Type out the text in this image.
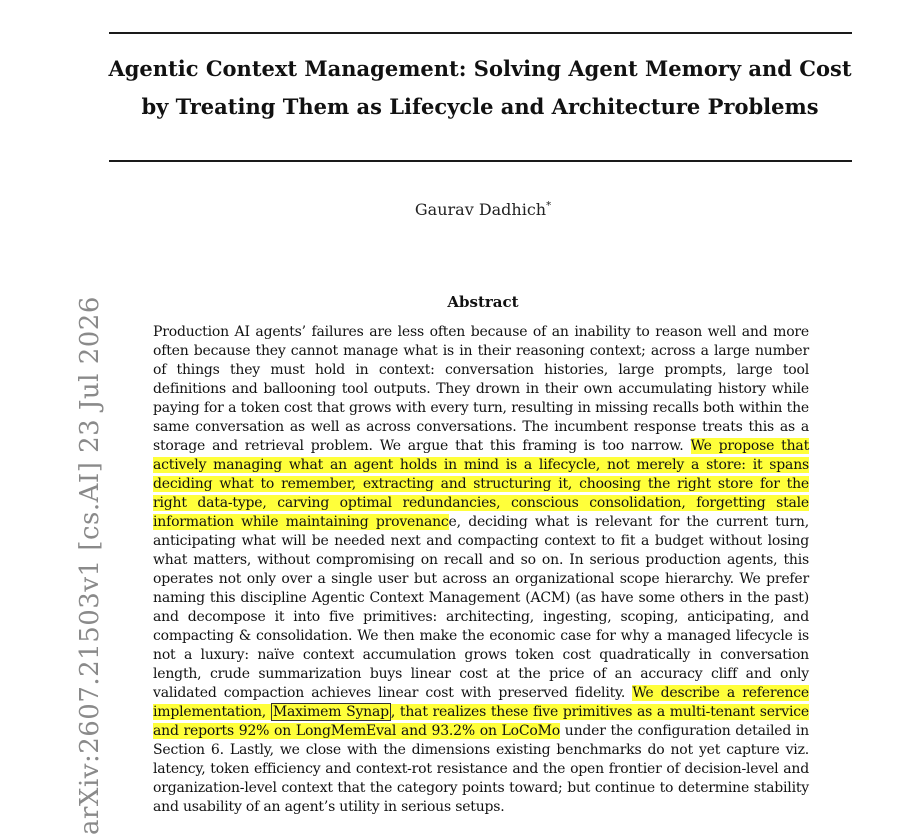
Agentic Context Management: Solving Agent Memory and Cost
by Treating Them as Lifecycle and Architecture Problems
Gaurav Dadhich*
Abstract
Production AI agents’ failures are less often because of an inability to reason well and more often because they cannot manage what is in their reasoning context; across a large number of things they must hold in context: conversation histories, large prompts, large tool definitions and ballooning tool outputs. They drown in their own accumulating history while paying for a token cost that grows with every turn, resulting in missing recalls both within the same conversation as well as across conversations. The incumbent response treats this as a storage and retrieval problem. We argue that this framing is too narrow. We propose that actively managing what an agent holds in mind is a lifecycle, not merely a store: it spans deciding what to remember, extracting and structuring it, choosing the right store for the right data-type, carving optimal redundancies, conscious consolidation, forgetting stale information while maintaining provenance, deciding what is relevant for the current turn, anticipating what will be needed next and compacting context to fit a budget without losing what matters, without compromising on recall and so on. In serious production agents, this operates not only over a single user but across an organizational scope hierarchy. We prefer naming this discipline Agentic Context Management (ACM) (as have some others in the past) and decompose it into five primitives: architecting, ingesting, scoping, anticipating, and compacting & consolidation. We then make the economic case for why a managed lifecycle is not a luxury: naïve context accumulation grows token cost quadratically in conversation length, crude summarization buys linear cost at the price of an accuracy cliff and only validated compaction achieves linear cost with preserved fidelity. We describe a reference implementation, Maximem Synap , that realizes these five primitives as a multi-tenant service and reports 92% on LongMemEval and 93.2% on LoCoMo under the configuration detailed in Section 6. Lastly, we close with the dimensions existing benchmarks do not yet capture viz. latency, token efficiency and context-rot resistance and the open frontier of decision-level and organization-level context that the category points toward; but continue to determine stability and usability of an agent’s utility in serious setups.
arXiv:2607.21503v1 [cs.AI] 23 Jul 2026
